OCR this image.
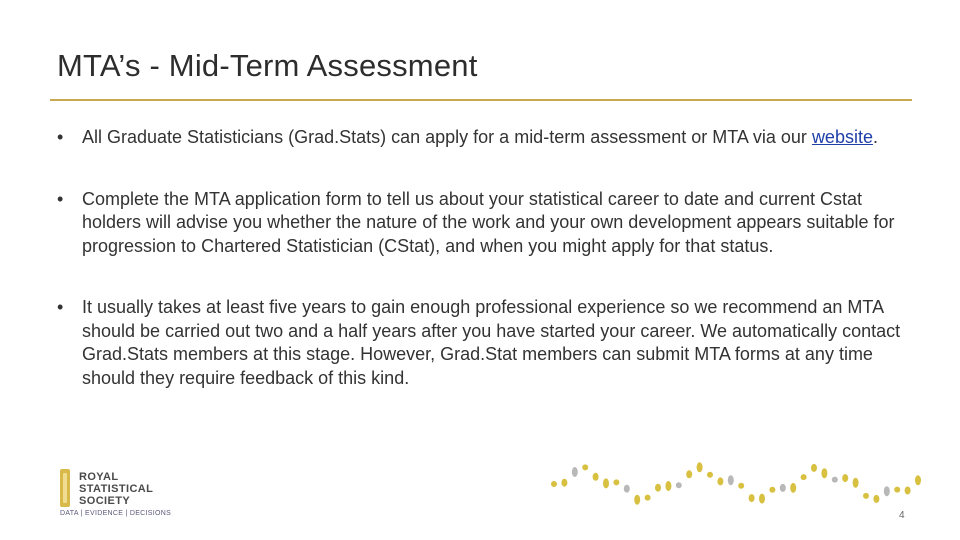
MTA’s - Mid-Term Assessment
• All Graduate Statisticians (Grad.Stats) can apply for a mid-term assessment or MTA via our website.
• Complete the MTA application form to tell us about your statistical career to date and current Cstat holders will advise you whether the nature of the work and your own development appears suitable for progression to Chartered Statistician (CStat), and when you might apply for that status.
• It usually takes at least five years to gain enough professional experience so we recommend an MTA should be carried out two and a half years after you have started your career. We automatically contact Grad.Stats members at this stage. However, Grad.Stat members can submit MTA forms at any time should they require feedback of this kind.
ROYAL
STATISTICAL
SOCIETY
DATA | EVIDENCE | DECISIONS	4
